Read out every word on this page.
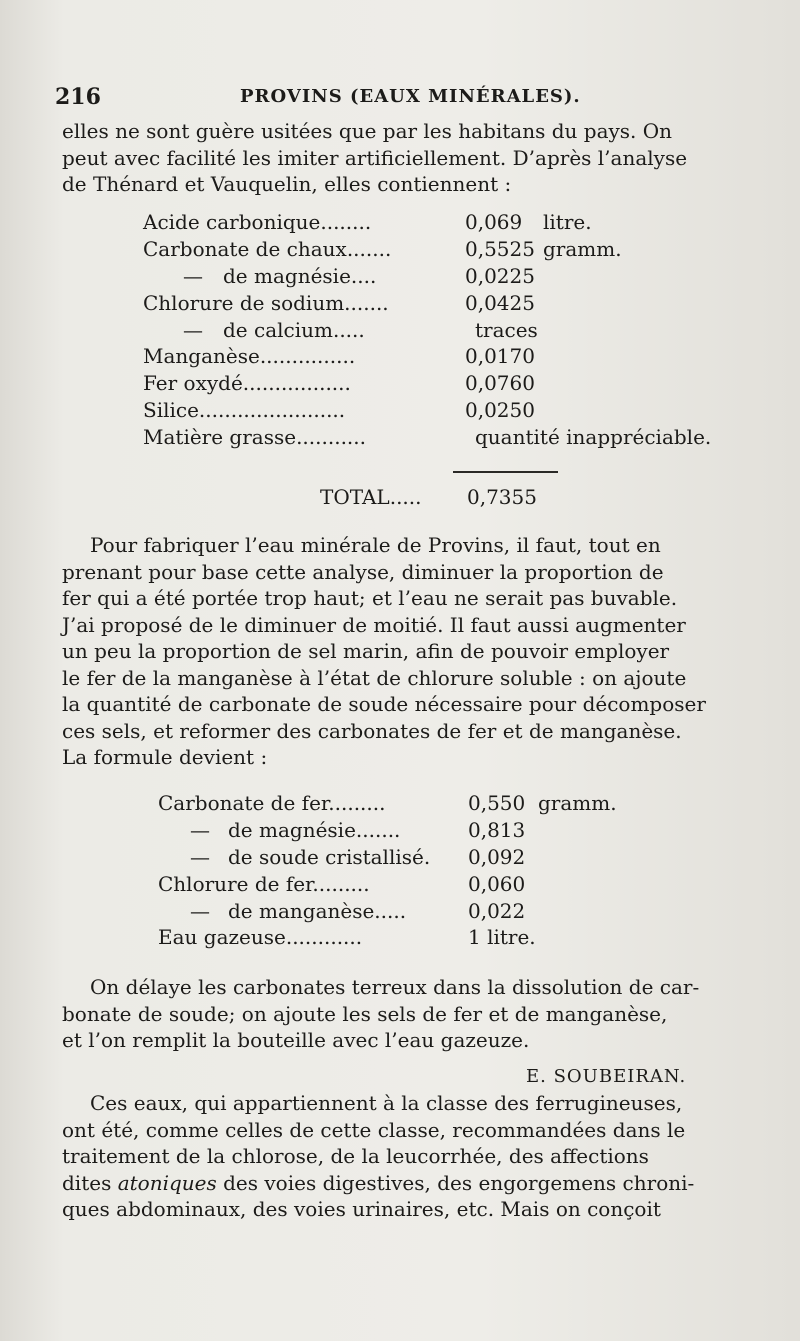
216	PROVINS (EAUX MINÉRALES).
elles ne sont guère usitées que par les habitans du pays. On
peut avec facilité les imiter artificiellement. D’après l’analyse
de Thénard et Vauquelin, elles contiennent :
Acide carbonique........	0,069 litre.
Carbonate de chaux.......	0,5525 gramm.
— de magnésie....	0,0225
Chlorure de sodium.......	0,0425
— de calcium.....	traces
Manganèse...............	0,0170
Fer oxydé.................	0,0760
Silice.......................	0,0250
Matière grasse...........	quantité inappréciable.
TOTAL..... 0,7355
Pour fabriquer l’eau minérale de Provins, il faut, tout en
prenant pour base cette analyse, diminuer la proportion de
fer qui a été portée trop haut; et l’eau ne serait pas buvable.
J’ai proposé de le diminuer de moitié. Il faut aussi augmenter
un peu la proportion de sel marin, afin de pouvoir employer
le fer de la manganèse à l’état de chlorure soluble : on ajoute
la quantité de carbonate de soude nécessaire pour décomposer
ces sels, et reformer des carbonates de fer et de manganèse.
La formule devient :
Carbonate de fer.........	0,550 gramm.
— de magnésie.......	0,813
— de soude cristallisé. 0,092
Chlorure de fer.........	0,060
— de manganèse.....	0,022
Eau gazeuse............	1 litre.
On délaye les carbonates terreux dans la dissolution de car-
bonate de soude; on ajoute les sels de fer et de manganèse,
et l’on remplit la bouteille avec l’eau gazeuze.
E. SOUBEIRAN.
Ces eaux, qui appartiennent à la classe des ferrugineuses,
ont été, comme celles de cette classe, recommandées dans le
traitement de la chlorose, de la leucorrhée, des affections
dites atoniques des voies digestives, des engorgemens chroni-
ques abdominaux, des voies urinaires, etc. Mais on conçoit
